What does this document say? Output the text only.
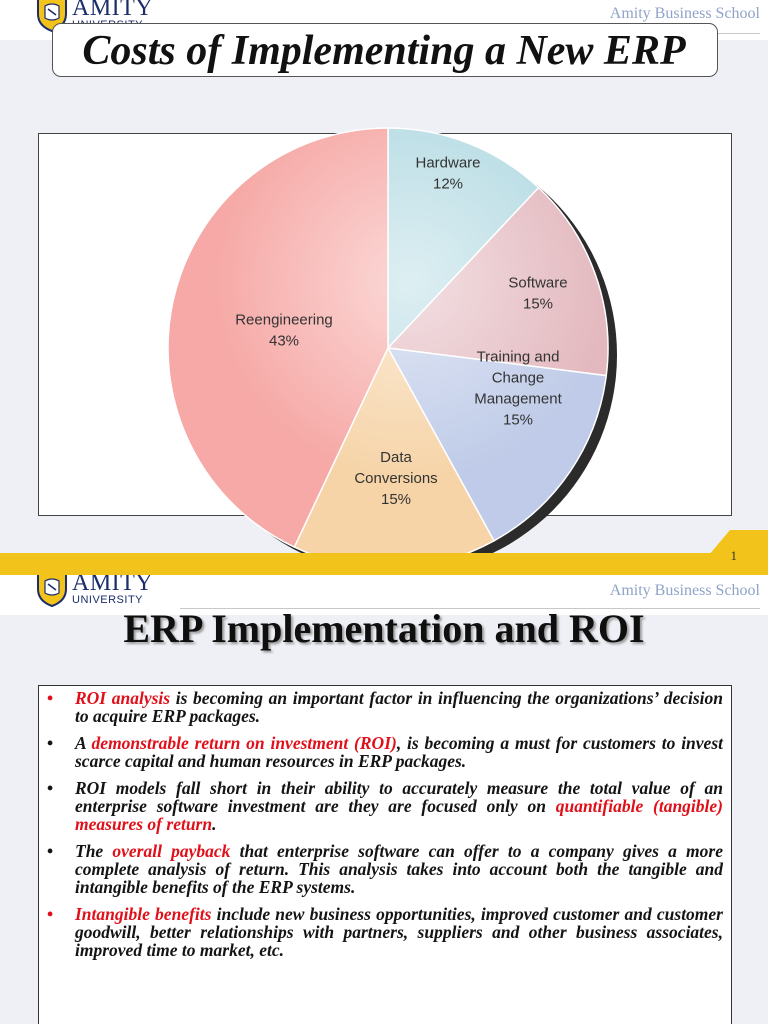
AMITY	Amity Business School
Costs of Implementing a New ERP
Hardware 12%
Software 15%
Training and Change Management 15%
Data Conversions 15%
Reengineering 43%
1
AMITY
UNIVERSITY
Amity Business School
ERP Implementation and ROI
• ROI analysis is becoming an important factor in influencing the organizations’ decision to acquire ERP packages.
• A demonstrable return on investment (ROI), is becoming a must for customers to invest scarce capital and human resources in ERP packages.
• ROI models fall short in their ability to accurately measure the total value of an enterprise software investment are they are focused only on quantifiable (tangible) measures of return.
• The overall payback that enterprise software can offer to a company gives a more complete analysis of return. This analysis takes into account both the tangible and intangible benefits of the ERP systems.
• Intangible benefits include new business opportunities, improved customer and customer goodwill, better relationships with partners, suppliers and other business associates, improved time to market, etc.
